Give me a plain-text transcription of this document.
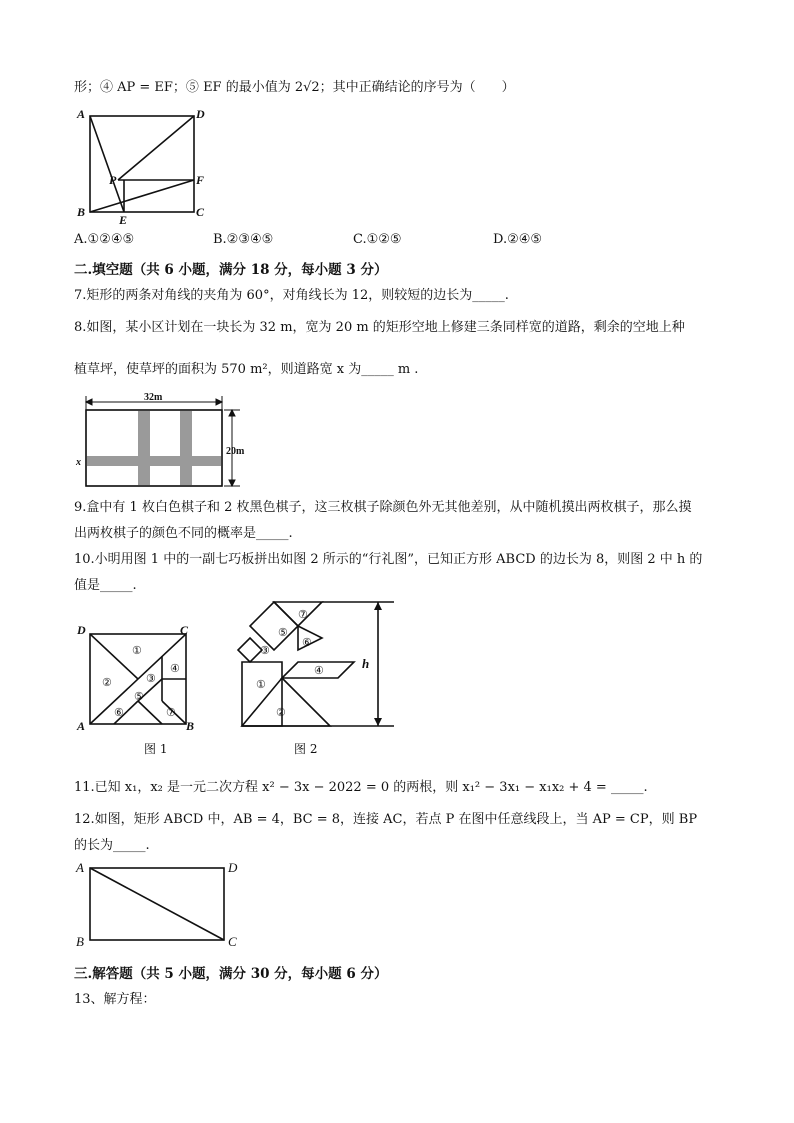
形；④ AP = EF；⑤ EF 的最小值为 2√2；其中正确结论的序号为（　　）
A	D
P	F
B
E
C
A.①②④⑤	B.②③④⑤	C.①②⑤	D.②④⑤
二.填空题（共 6 小题，满分 18 分，每小题 3 分）
7.矩形的两条对角线的夹角为 60°，对角线长为 12，则较短的边长为_____.
8.如图，某小区计划在一块长为 32 m，宽为 20 m 的矩形空地上修建三条同样宽的道路，剩余的空地上种
植草坪，使草坪的面积为 570 m²，则道路宽 x 为_____ m .
32m
20m
x
9.盒中有 1 枚白色棋子和 2 枚黑色棋子，这三枚棋子除颜色外无其他差别，从中随机摸出两枚棋子，那么摸
出两枚棋子的颜色不同的概率是_____.
10.小明用图 1 中的一副七巧板拼出如图 2 所示的“行礼图”，已知正方形 ABCD 的边长为 8，则图 2 中 h 的
值是_____.
①
②	③
④
⑤
⑥	⑦
D	C
A	B
图 1
⑦
⑤
③
⑥
④
①
②
h
图 2
11.已知 x₁，x₂ 是一元二次方程 x² − 3x − 2022 = 0 的两根，则 x₁² − 3x₁ − x₁x₂ + 4 = _____.
12.如图，矩形 ABCD 中，AB = 4，BC = 8，连接 AC，若点 P 在图中任意线段上，当 AP = CP，则 BP
的长为_____.
A	D
B	C
三.解答题（共 5 小题，满分 30 分，每小题 6 分）
13、解方程：
